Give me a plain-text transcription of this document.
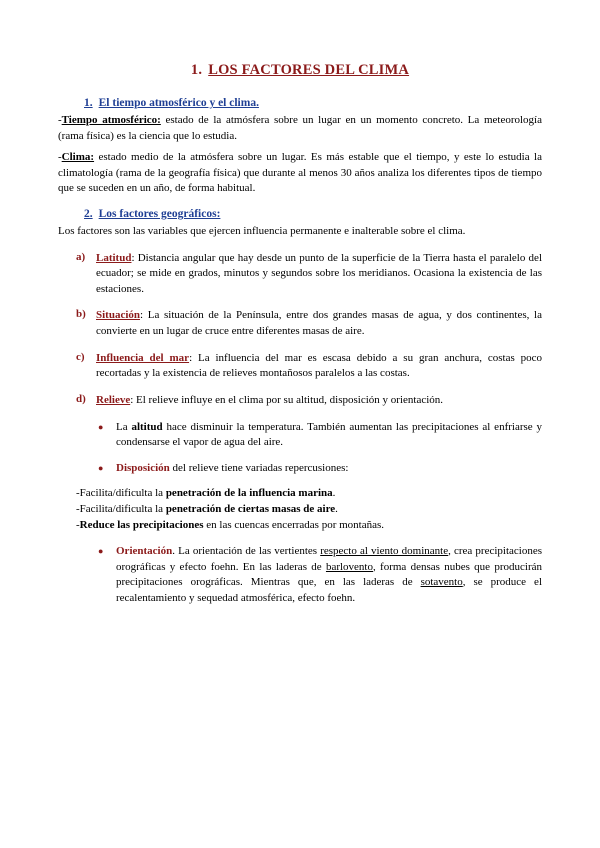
1. LOS FACTORES DEL CLIMA
1. El tiempo atmosférico y el clima.

-Tiempo atmosférico: estado de la atmósfera sobre un lugar en un momento concreto. La meteorología (rama física) es la ciencia que lo estudia.

-Clima: estado medio de la atmósfera sobre un lugar. Es más estable que el tiempo, y este lo estudia la climatología (rama de la geografía física) que durante al menos 30 años analiza los diferentes tipos de tiempo que se suceden en un año, de forma habitual.

2. Los factores geográficos:

Los factores son las variables que ejercen influencia permanente e inalterable sobre el clima.

a) Latitud: Distancia angular que hay desde un punto de la superficie de la Tierra hasta el paralelo del ecuador; se mide en grados, minutos y segundos sobre los meridianos. Ocasiona la existencia de las estaciones.
b) Situación: La situación de la Península, entre dos grandes masas de agua, y dos continentes, la convierte en un lugar de cruce entre diferentes masas de aire.
c)	Influencia del mar: La influencia del mar es escasa debido a su gran anchura, costas poco recortadas y la existencia de relieves montañosos paralelos a las costas.
d) Relieve: El relieve influye en el clima por su altitud, disposición y orientación.
●	La altitud hace disminuir la temperatura. También aumentan las precipitaciones al enfriarse y condensarse el vapor de agua del aire.
●	Disposición del relieve tiene variadas repercusiones:
-Facilita/dificulta la penetración de la influencia marina.
-Facilita/dificulta la penetración de ciertas masas de aire.
-Reduce las precipitaciones en las cuencas encerradas por montañas.
●	Orientación. La orientación de las vertientes respecto al viento dominante, crea precipitaciones orográficas y efecto foehn. En las laderas de barlovento, forma densas nubes que producirán precipitaciones orográficas. Mientras que, en las laderas de sotavento, se produce el recalentamiento y sequedad atmosférica, efecto foehn.
